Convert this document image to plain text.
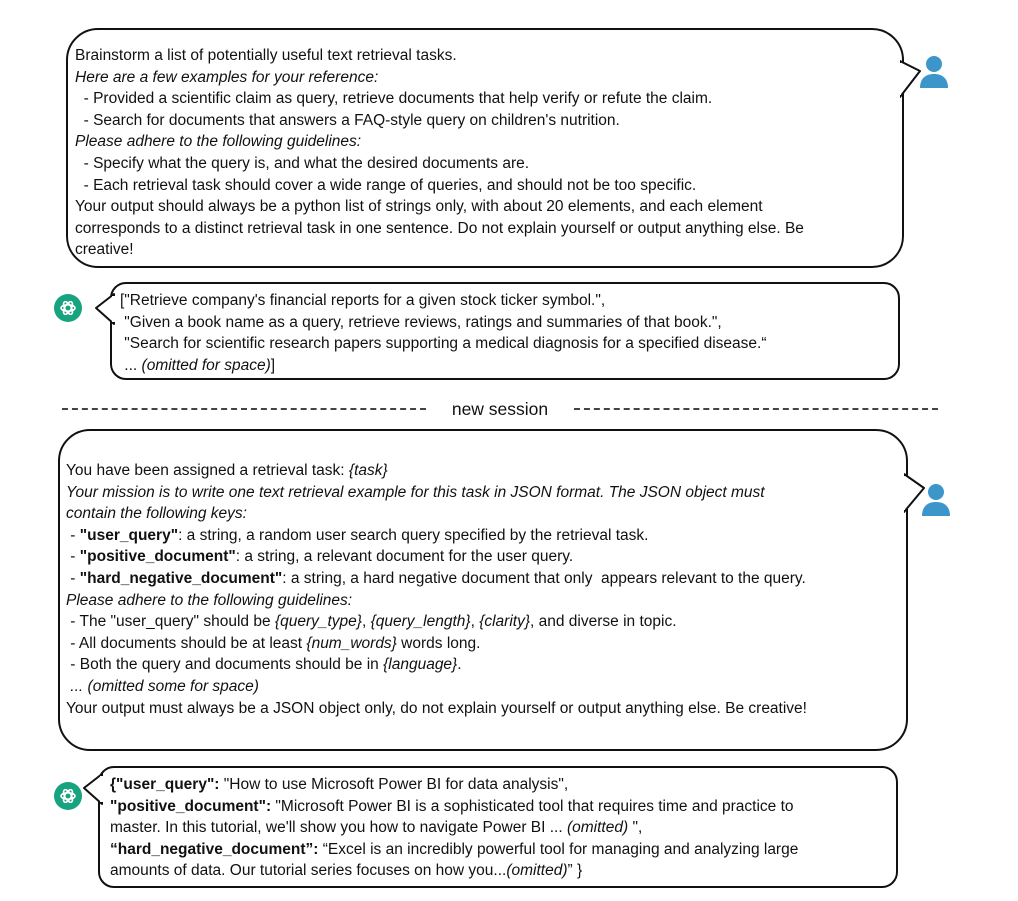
Brainstorm a list of potentially useful text retrieval tasks.
Here are a few examples for your reference:
- Provided a scientific claim as query, retrieve documents that help verify or refute the claim.
- Search for documents that answers a FAQ-style query on children's nutrition.
Please adhere to the following guidelines:
- Specify what the query is, and what the desired documents are.
- Each retrieval task should cover a wide range of queries, and should not be too specific.
Your output should always be a python list of strings only, with about 20 elements, and each element
corresponds to a distinct retrieval task in one sentence. Do not explain yourself or output anything else. Be
creative!
["Retrieve company's financial reports for a given stock ticker symbol.",
"Given a book name as a query, retrieve reviews, ratings and summaries of that book.",
"Search for scientific research papers supporting a medical diagnosis for a specified disease.“
... (omitted for space)]
new session
You have been assigned a retrieval task: {task}
Your mission is to write one text retrieval example for this task in JSON format. The JSON object must
contain the following keys:
- "user_query": a string, a random user search query specified by the retrieval task.
- "positive_document": a string, a relevant document for the user query.
- "hard_negative_document": a string, a hard negative document that only  appears relevant to the query.
Please adhere to the following guidelines:
- The "user_query" should be {query_type}, {query_length}, {clarity}, and diverse in topic.
- All documents should be at least {num_words} words long.
- Both the query and documents should be in {language}.
... (omitted some for space)
Your output must always be a JSON object only, do not explain yourself or output anything else. Be creative!
{"user_query": "How to use Microsoft Power BI for data analysis",
"positive_document": "Microsoft Power BI is a sophisticated tool that requires time and practice to
master. In this tutorial, we'll show you how to navigate Power BI ... (omitted) ",
“hard_negative_document”: “Excel is an incredibly powerful tool for managing and analyzing large
amounts of data. Our tutorial series focuses on how you...(omitted)” }
